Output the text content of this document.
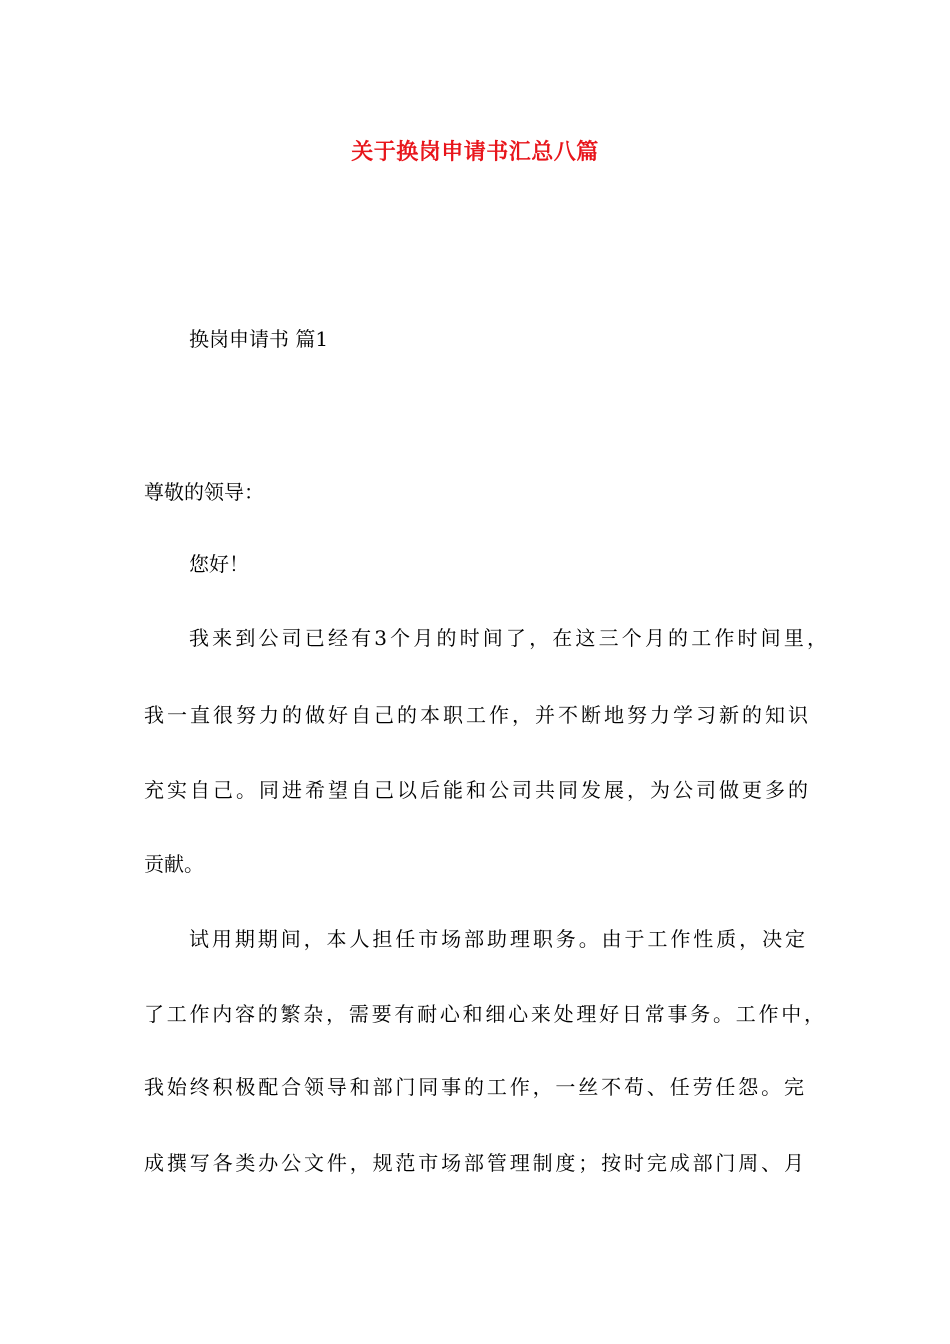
关于换岗申请书汇总八篇
换岗申请书 篇1
尊敬的领导：
您好！
我来到公司已经有3个月的时间了，在这三个月的工作时间里，
我一直很努力的做好自己的本职工作，并不断地努力学习新的知识
充实自己。同进希望自己以后能和公司共同发展，为公司做更多的
贡献。
试用期期间，本人担任市场部助理职务。由于工作性质，决定
了工作内容的繁杂，需要有耐心和细心来处理好日常事务。工作中，
我始终积极配合领导和部门同事的工作，一丝不苟、任劳任怨。完
成撰写各类办公文件，规范市场部管理制度；按时完成部门周、月
